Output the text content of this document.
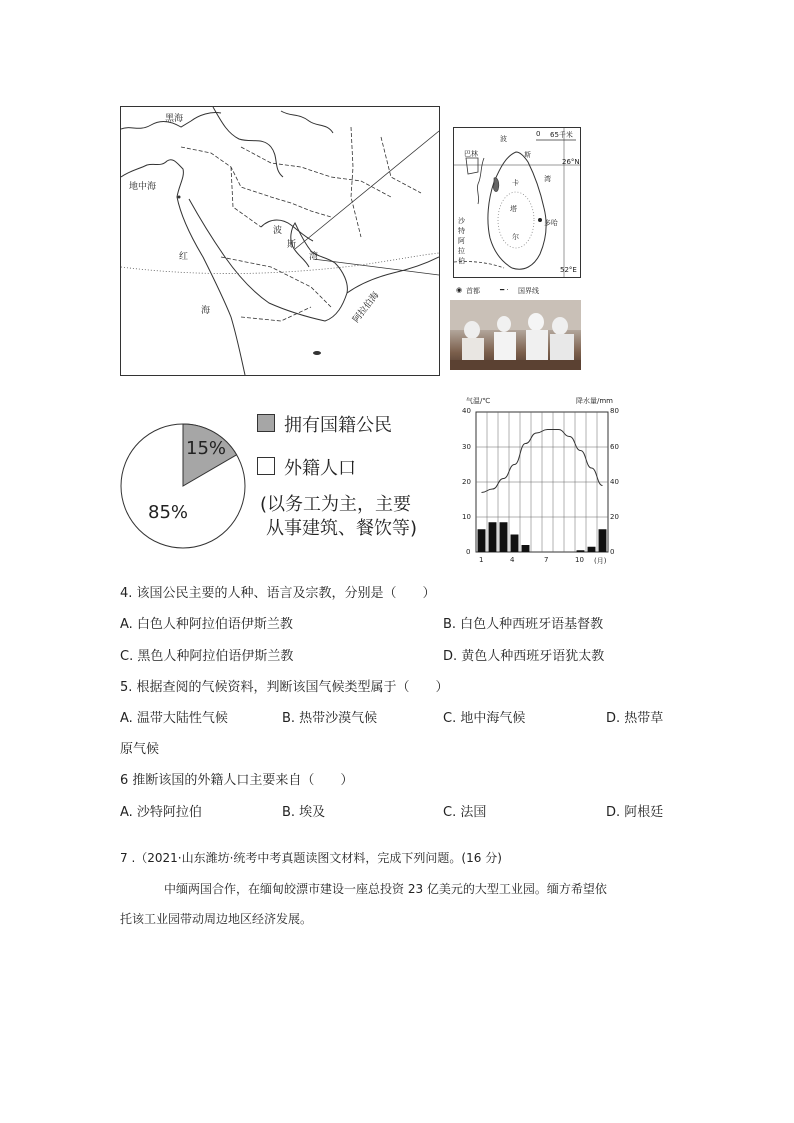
黑海
地中海
波
斯
湾
红
海	阿拉伯海
波
斯
湾
巴林
卡
塔
尔
多哈
沙
特
阿
拉
伯
26°N
52°E
0 65千米
◉ 首都	━ · 国界线
15%
85%
拥有国籍公民
外籍人口
(以务工为主，主要
从事建筑、餐饮等)
气温/℃	降水量/mm
40
30
20
10
0
80
60
40
20
0
1	4	7	10 (月)
4. 该国公民主要的人种、语言及宗教，分别是（　　）
A. 白色人种阿拉伯语伊斯兰教	B. 白色人种西班牙语基督教
C. 黑色人种阿拉伯语伊斯兰教	D. 黄色人种西班牙语犹太教
5. 根据查阅的气候资料，判断该国气候类型属于（　　）
A. 温带大陆性气候	B. 热带沙漠气候	C. 地中海气候	D. 热带草
原气候
6 推断该国的外籍人口主要来自（　　）
A. 沙特阿拉伯	B. 埃及	C. 法国	D. 阿根廷
7 .（2021·山东潍坊·统考中考真题读图文材料，完成下列问题。(16 分)
中缅两国合作，在缅甸皎漂市建设一座总投资 23 亿美元的大型工业园。缅方希望依
托该工业园带动周边地区经济发展。
